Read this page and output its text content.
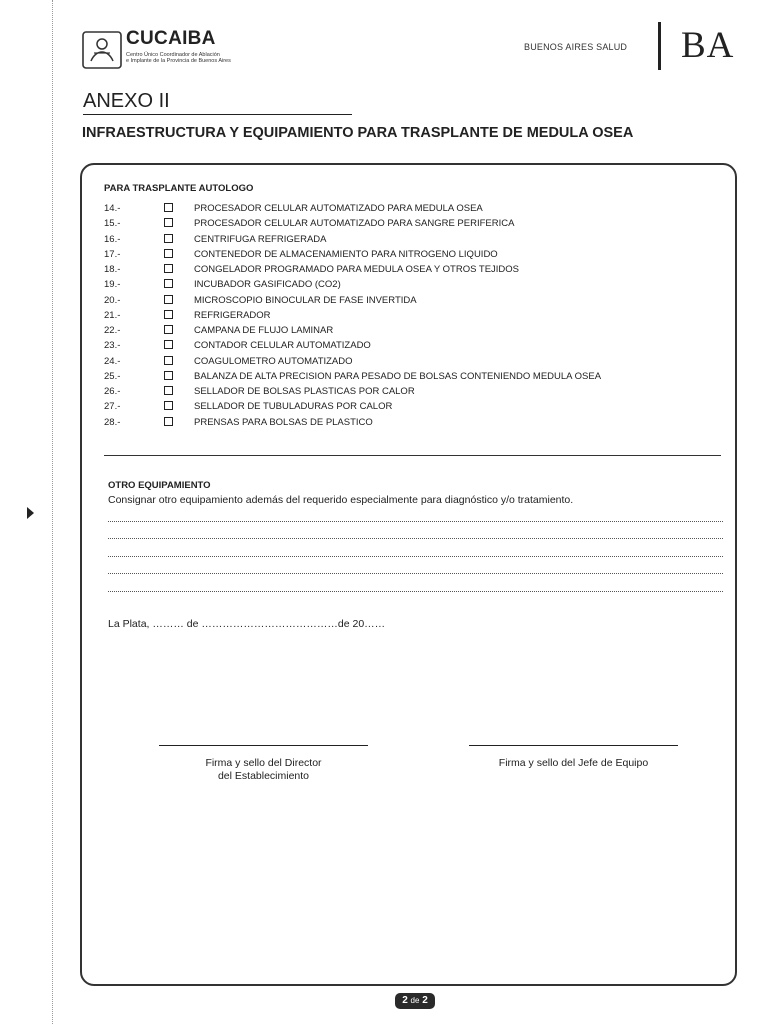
CUCAIBA
Centro Único Coordinador de Ablación
e Implante de la Provincia de Buenos Aires
BUENOS AIRES SALUD BA
ANEXO II
INFRAESTRUCTURA Y EQUIPAMIENTO PARA TRASPLANTE DE MEDULA OSEA
PARA TRASPLANTE AUTOLOGO
14.-	PROCESADOR CELULAR AUTOMATIZADO PARA MEDULA OSEA
15.-	PROCESADOR CELULAR AUTOMATIZADO PARA SANGRE PERIFERICA
16.-	CENTRIFUGA REFRIGERADA
17.-	CONTENEDOR DE ALMACENAMIENTO PARA NITROGENO LIQUIDO
18.-	CONGELADOR PROGRAMADO PARA MEDULA OSEA Y OTROS TEJIDOS
19.-	INCUBADOR GASIFICADO (CO2)
20.-	MICROSCOPIO BINOCULAR DE FASE INVERTIDA
21.-	REFRIGERADOR
22.-	CAMPANA DE FLUJO LAMINAR
23.-	CONTADOR CELULAR AUTOMATIZADO
24.-	COAGULOMETRO AUTOMATIZADO
25.-	BALANZA DE ALTA PRECISION PARA PESADO DE BOLSAS CONTENIENDO MEDULA OSEA
26.-	SELLADOR DE BOLSAS PLASTICAS POR CALOR
27.-	SELLADOR DE TUBULADURAS POR CALOR
28.-	PRENSAS PARA BOLSAS DE PLASTICO
OTRO EQUIPAMIENTO
Consignar otro equipamiento además del requerido especialmente para diagnóstico y/o tratamiento.
La Plata, ……… de …………………………………de 20……
Firma y sello del Director
del Establecimiento
Firma y sello del Jefe de Equipo
2 de 2
